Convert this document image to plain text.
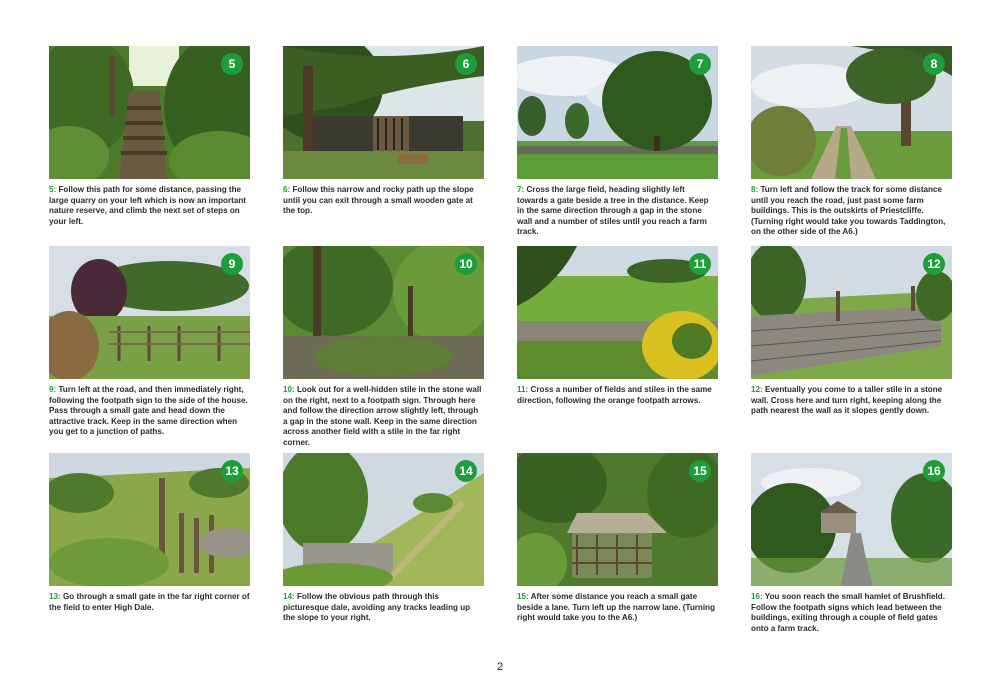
5
5: Follow this path for some distance, passing the large quarry on your left which is now an important nature reserve, and climb the next set of steps on your left.
6
6: Follow this narrow and rocky path up the slope until you can exit through a small wooden gate at the top.
7
7: Cross the large field, heading slightly left towards a gate beside a tree in the distance. Keep in the same direction through a gap in the stone wall and a number of stiles until you reach a farm track.
8
8: Turn left and follow the track for some distance until you reach the road, just past some farm buildings. This is the outskirts of Priestcliffe. (Turning right would take you towards Taddington, on the other side of the A6.)
9
9: Turn left at the road, and then immediately right, following the footpath sign to the side of the house. Pass through a small gate and head down the attractive track. Keep in the same direction when you get to a junction of paths.
10
10: Look out for a well-hidden stile in the stone wall on the right, next to a footpath sign. Through here and follow the direction arrow slightly left, through a gap in the stone wall. Keep in the same direction across another field with a stile in the far right corner.
11
11: Cross a number of fields and stiles in the same direction, following the orange footpath arrows.
12
12: Eventually you come to a taller stile in a stone wall. Cross here and turn right, keeping along the path nearest the wall as it slopes gently down.
13
13: Go through a small gate in the far right corner of the field to enter High Dale.
14
14: Follow the obvious path through this picturesque dale, avoiding any tracks leading up the slope to your right.
15
15: After some distance you reach a small gate beside a lane. Turn left up the narrow lane. (Turning right would take you to the A6.)
16
16: You soon reach the small hamlet of Brushfield. Follow the footpath signs which lead between the buildings, exiting through a couple of field gates onto a farm track.
2
